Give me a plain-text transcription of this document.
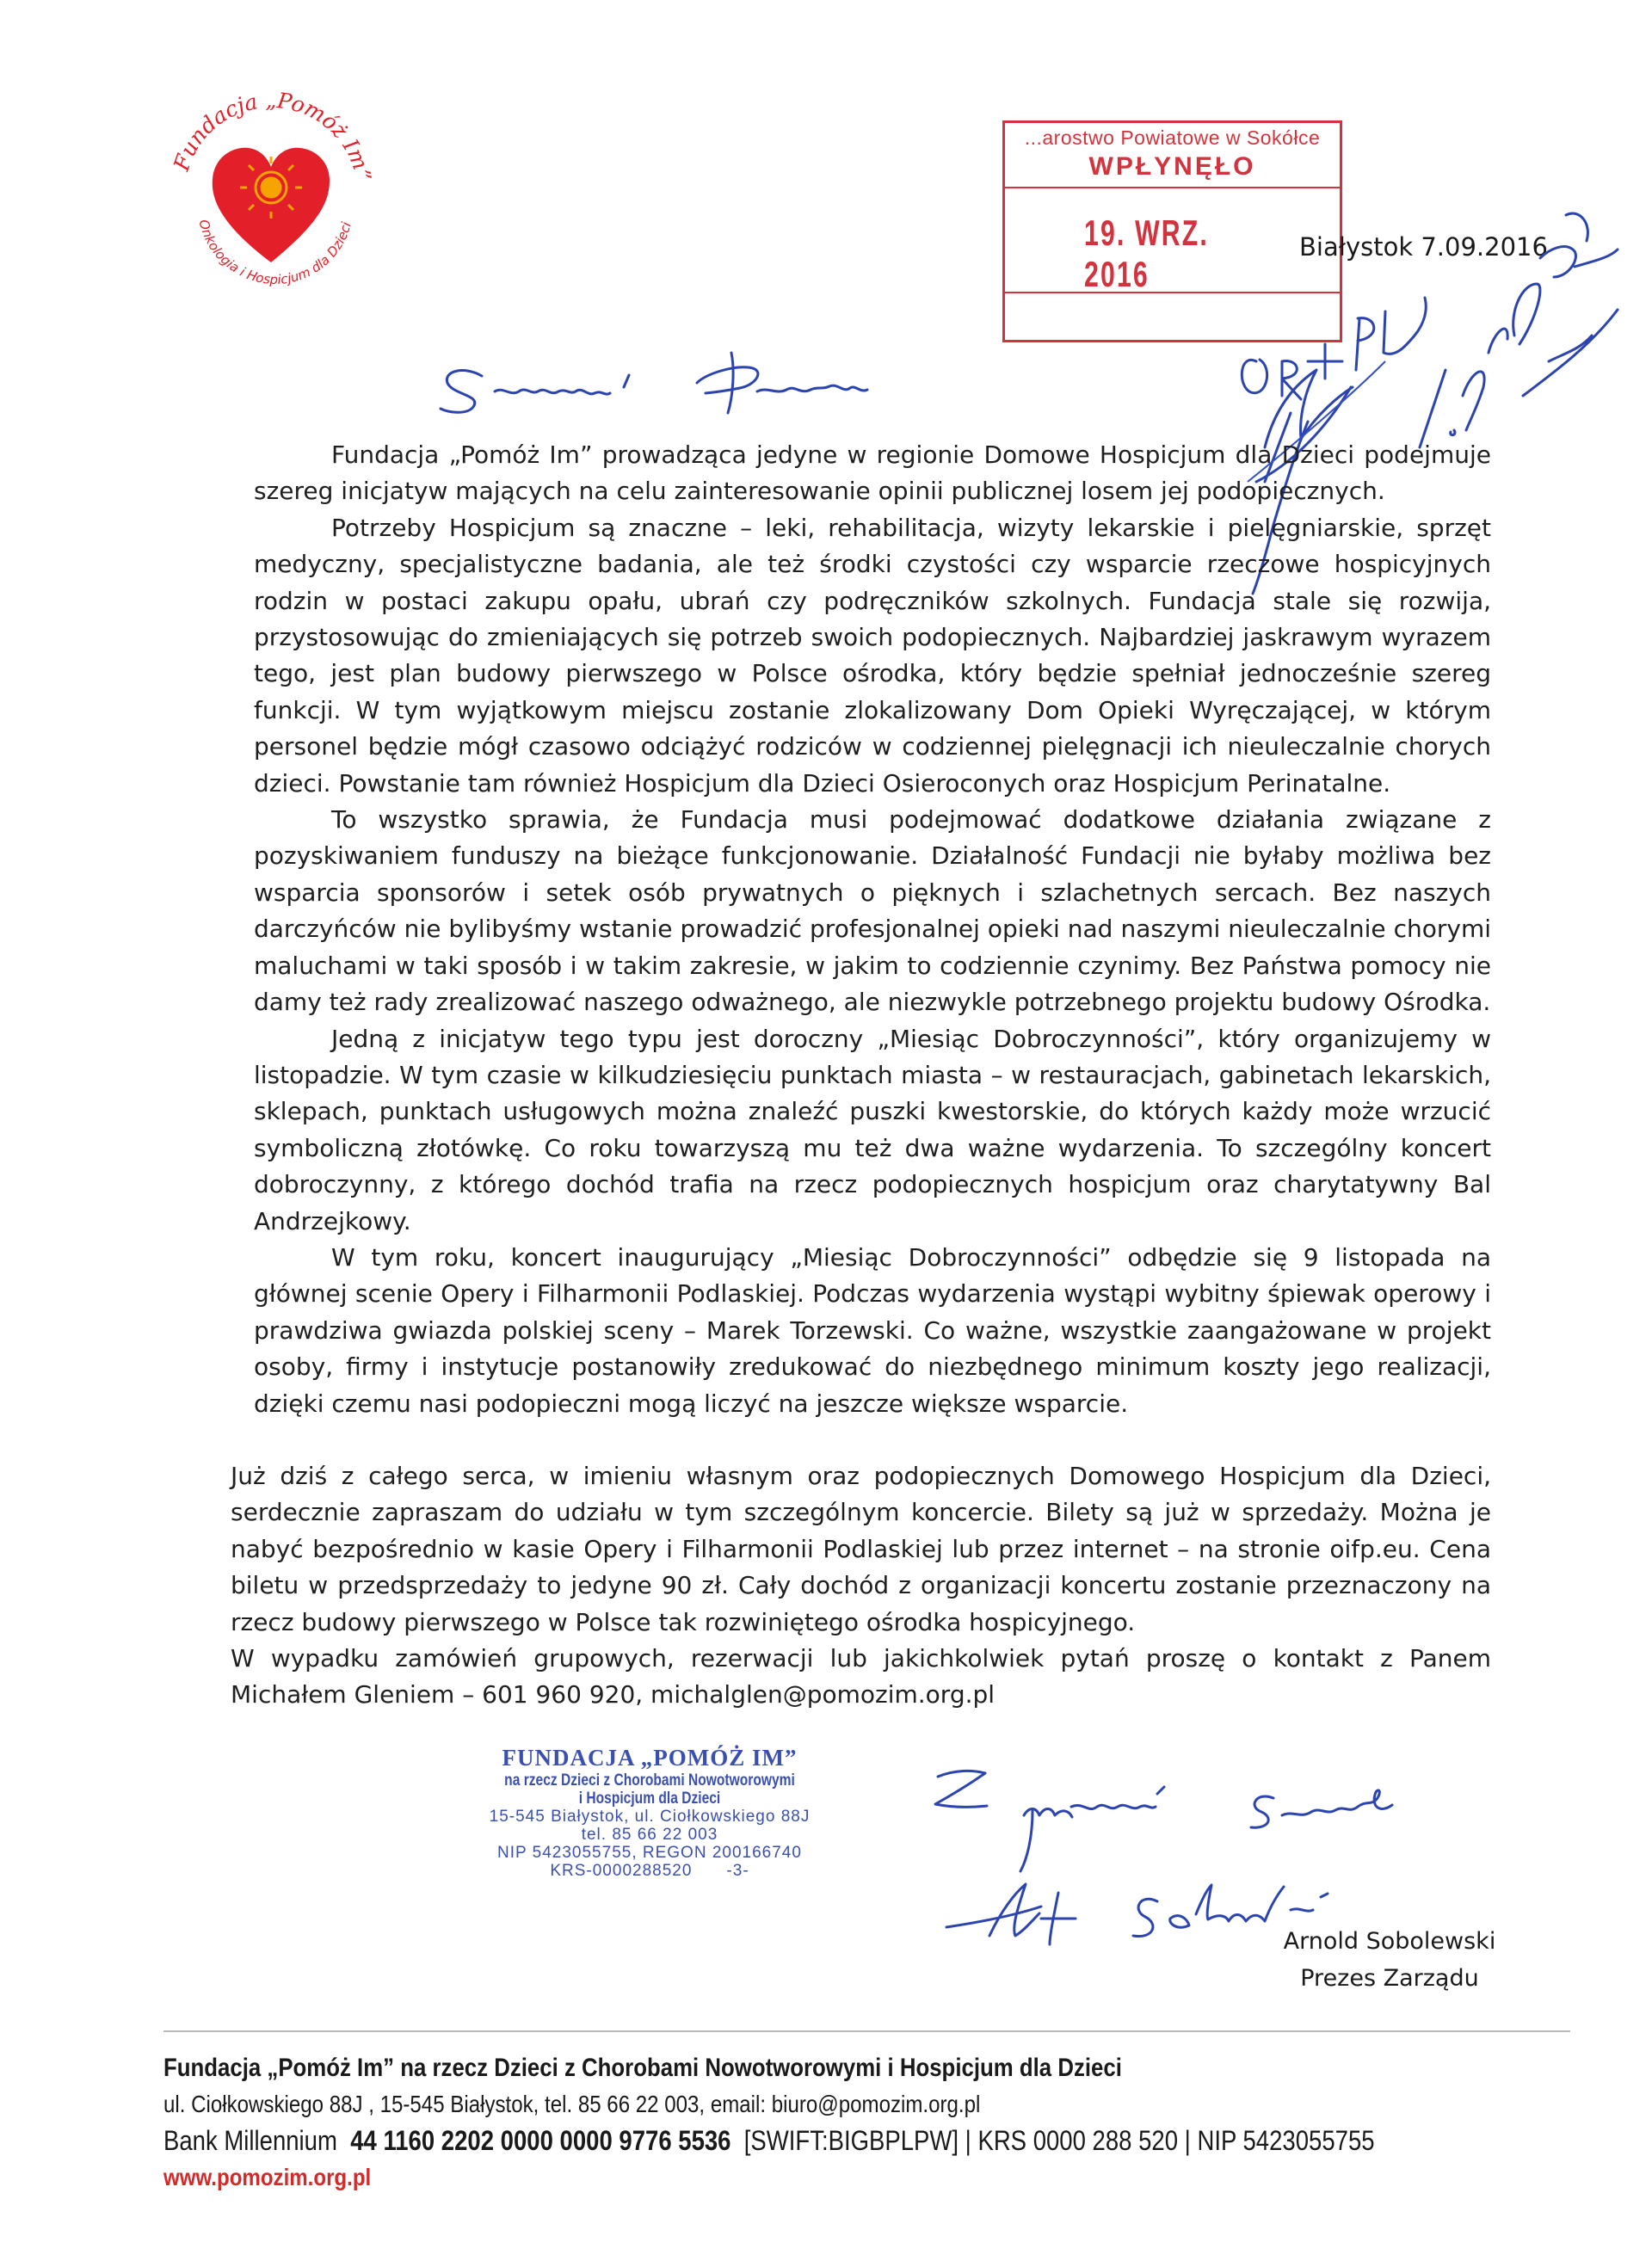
Fundacja „Pomóż Im”
Onkologia i Hospicjum dla Dzieci
...arostwo Powiatowe w Sokółce
WPŁYNĘŁO
19. WRZ. 2016
Białystok 7.09.2016

Fundacja „Pomóż Im” prowadząca jedyne w regionie Domowe Hospicjum dla Dzieci podejmuje szereg inicjatyw mających na celu zainteresowanie opinii publicznej losem jej podopiecznych.

Potrzeby Hospicjum są znaczne – leki, rehabilitacja, wizyty lekarskie i pielęgniarskie, sprzęt medyczny, specjalistyczne badania, ale też środki czystości czy wsparcie rzeczowe hospicyjnych rodzin w postaci zakupu opału, ubrań czy podręczników szkolnych. Fundacja stale się rozwija, przystosowując do zmieniających się potrzeb swoich podopiecznych. Najbardziej jaskrawym wyrazem tego, jest plan budowy pierwszego w Polsce ośrodka, który będzie spełniał jednocześnie szereg funkcji. W tym wyjątkowym miejscu zostanie zlokalizowany Dom Opieki Wyręczającej, w którym personel będzie mógł czasowo odciążyć rodziców w codziennej pielęgnacji ich nieuleczalnie chorych dzieci. Powstanie tam również Hospicjum dla Dzieci Osieroconych oraz Hospicjum Perinatalne.

To wszystko sprawia, że Fundacja musi podejmować dodatkowe działania związane z pozyskiwaniem funduszy na bieżące funkcjonowanie. Działalność Fundacji nie byłaby możliwa bez wsparcia sponsorów i setek osób prywatnych o pięknych i szlachetnych sercach. Bez naszych darczyńców nie bylibyśmy wstanie prowadzić profesjonalnej opieki nad naszymi nieuleczalnie chorymi maluchami w taki sposób i w takim zakresie, w jakim to codziennie czynimy. Bez Państwa pomocy nie damy też rady zrealizować naszego odważnego, ale niezwykle potrzebnego projektu budowy Ośrodka.

Jedną z inicjatyw tego typu jest doroczny „Miesiąc Dobroczynności”, który organizujemy w listopadzie. W tym czasie w kilkudziesięciu punktach miasta – w restauracjach, gabinetach lekarskich, sklepach, punktach usługowych można znaleźć puszki kwestorskie, do których każdy może wrzucić symboliczną złotówkę. Co roku towarzyszą mu też dwa ważne wydarzenia. To szczególny koncert dobroczynny, z którego dochód trafia na rzecz podopiecznych hospicjum oraz charytatywny Bal Andrzejkowy.

W tym roku, koncert inaugurujący „Miesiąc Dobroczynności” odbędzie się 9 listopada na głównej scenie Opery i Filharmonii Podlaskiej. Podczas wydarzenia wystąpi wybitny śpiewak operowy i prawdziwa gwiazda polskiej sceny – Marek Torzewski. Co ważne, wszystkie zaangażowane w projekt osoby, firmy i instytucje postanowiły zredukować do niezbędnego minimum koszty jego realizacji, dzięki czemu nasi podopieczni mogą liczyć na jeszcze większe wsparcie.

Już dziś z całego serca, w imieniu własnym oraz podopiecznych Domowego Hospicjum dla Dzieci, serdecznie zapraszam do udziału w tym szczególnym koncercie. Bilety są już w sprzedaży. Można je nabyć bezpośrednio w kasie Opery i Filharmonii Podlaskiej lub przez internet – na stronie oifp.eu. Cena biletu w przedsprzedaży to jedyne 90 zł. Cały dochód z organizacji koncertu zostanie przeznaczony na rzecz budowy pierwszego w Polsce tak rozwiniętego ośrodka hospicyjnego.

W wypadku zamówień grupowych, rezerwacji lub jakichkolwiek pytań proszę o kontakt z Panem Michałem Gleniem – 601 960 920, michalglen@pomozim.org.pl

FUNDACJA „POMÓŻ IM”
na rzecz Dzieci z Chorobami Nowotworowymi
i Hospicjum dla Dzieci
15-545 Białystok, ul. Ciołkowskiego 88J
tel. 85 66 22 003
NIP 5423055755, REGON 200166740
KRS-0000288520 -3-
Arnold Sobolewski
Prezes Zarządu
Fundacja „Pomóż Im” na rzecz Dzieci z Chorobami Nowotworowymi i Hospicjum dla Dzieci
ul. Ciołkowskiego 88J , 15-545 Białystok, tel. 85 66 22 003, email: biuro@pomozim.org.pl
Bank Millennium 44 1160 2202 0000 0000 9776 5536 [SWIFT:BIGBPLPW] | KRS 0000 288 520 | NIP 5423055755
www.pomozim.org.pl
